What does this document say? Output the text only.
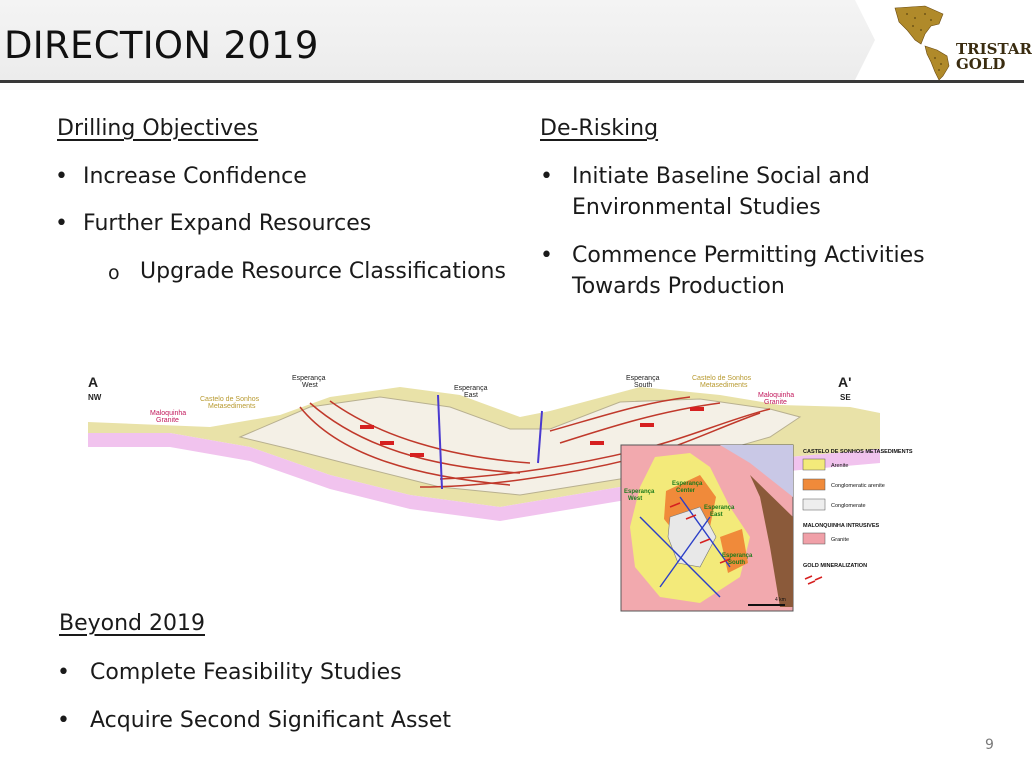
DIRECTION 2019	TRISTAR
GOLD
Drilling Objectives
• Increase Confidence
• Further Expand Resources
o Upgrade Resource Classifications
De-Risking
• Initiate Baseline Social and
Environmental Studies
• Commence Permitting Activities
Towards Production
A
NW
A'
SE
Maloquinha
Granite
Castelo de Sonhos
Metasediments
Esperança
West	Esperança
East
Esperança
South
Castelo de Sonhos
Metasediments
Maloquinha
Granite
4 km
Esperança
West
Esperança
Center
Esperança
East
Esperança
South
CASTELO DE SONHOS METASEDIMENTS
Arenite
Conglomeratic arenite
Conglomerate
MALONQUINHA INTRUSIVES
Granite
GOLD MINERALIZATION
Beyond 2019
• Complete Feasibility Studies
• Acquire Second Significant Asset
9
